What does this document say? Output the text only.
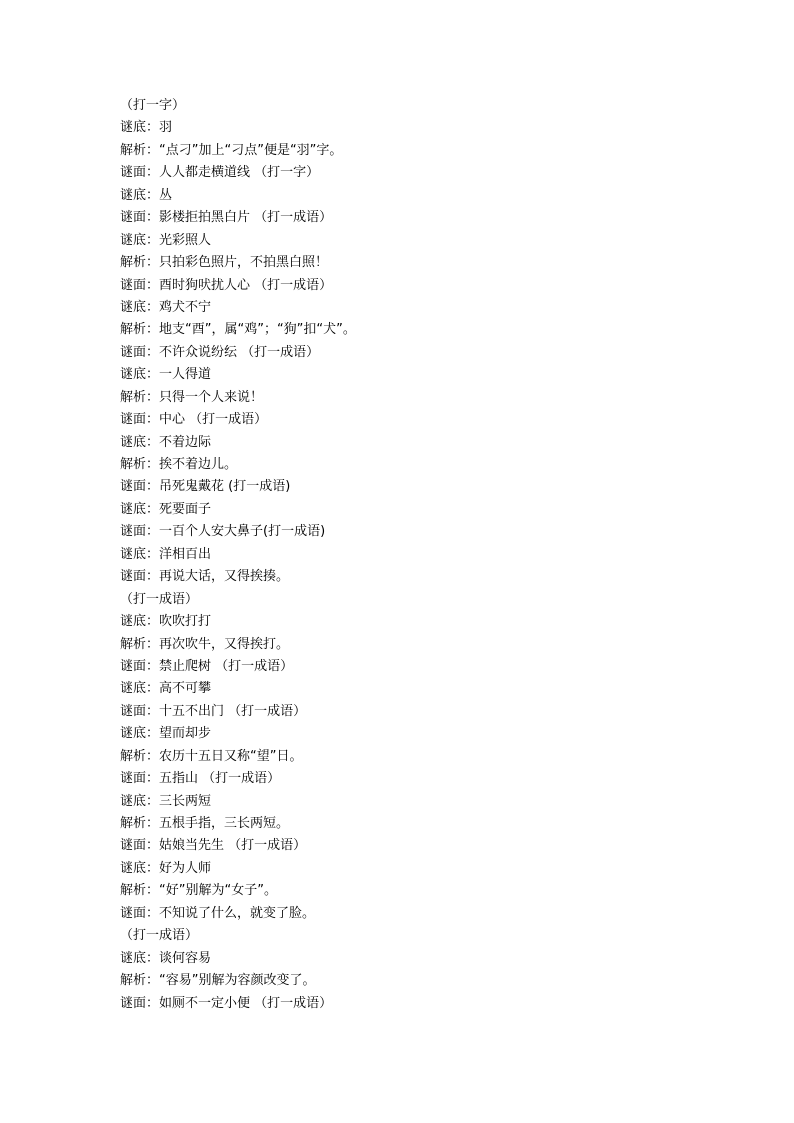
（打一字）
谜底：羽
解析：“点刁”加上“刁点”便是“羽”字。
谜面：人人都走横道线 （打一字）
谜底：丛
谜面：影楼拒拍黑白片 （打一成语）
谜底：光彩照人
解析：只拍彩色照片，不拍黑白照！
谜面：酉时狗吠扰人心 （打一成语）
谜底：鸡犬不宁
解析：地支“酉”，属“鸡”；“狗”扣“犬”。
谜面：不许众说纷纭 （打一成语）
谜底：一人得道
解析：只得一个人来说！
谜面：中心 （打一成语）
谜底：不着边际
解析：挨不着边儿。
谜面：吊死鬼戴花 (打一成语)
谜底：死要面子
谜面：一百个人安大鼻子(打一成语)
谜底：洋相百出
谜面：再说大话，又得挨揍。
（打一成语）
谜底：吹吹打打
解析：再次吹牛，又得挨打。
谜面：禁止爬树 （打一成语）
谜底：高不可攀
谜面：十五不出门 （打一成语）
谜底：望而却步
解析：农历十五日又称“望”日。
谜面：五指山 （打一成语）
谜底：三长两短
解析：五根手指，三长两短。
谜面：姑娘当先生 （打一成语）
谜底：好为人师
解析：“好”别解为“女子”。
谜面：不知说了什么，就变了脸。
（打一成语）
谜底：谈何容易
解析：“容易”别解为容颜改变了。
谜面：如厕不一定小便 （打一成语）
